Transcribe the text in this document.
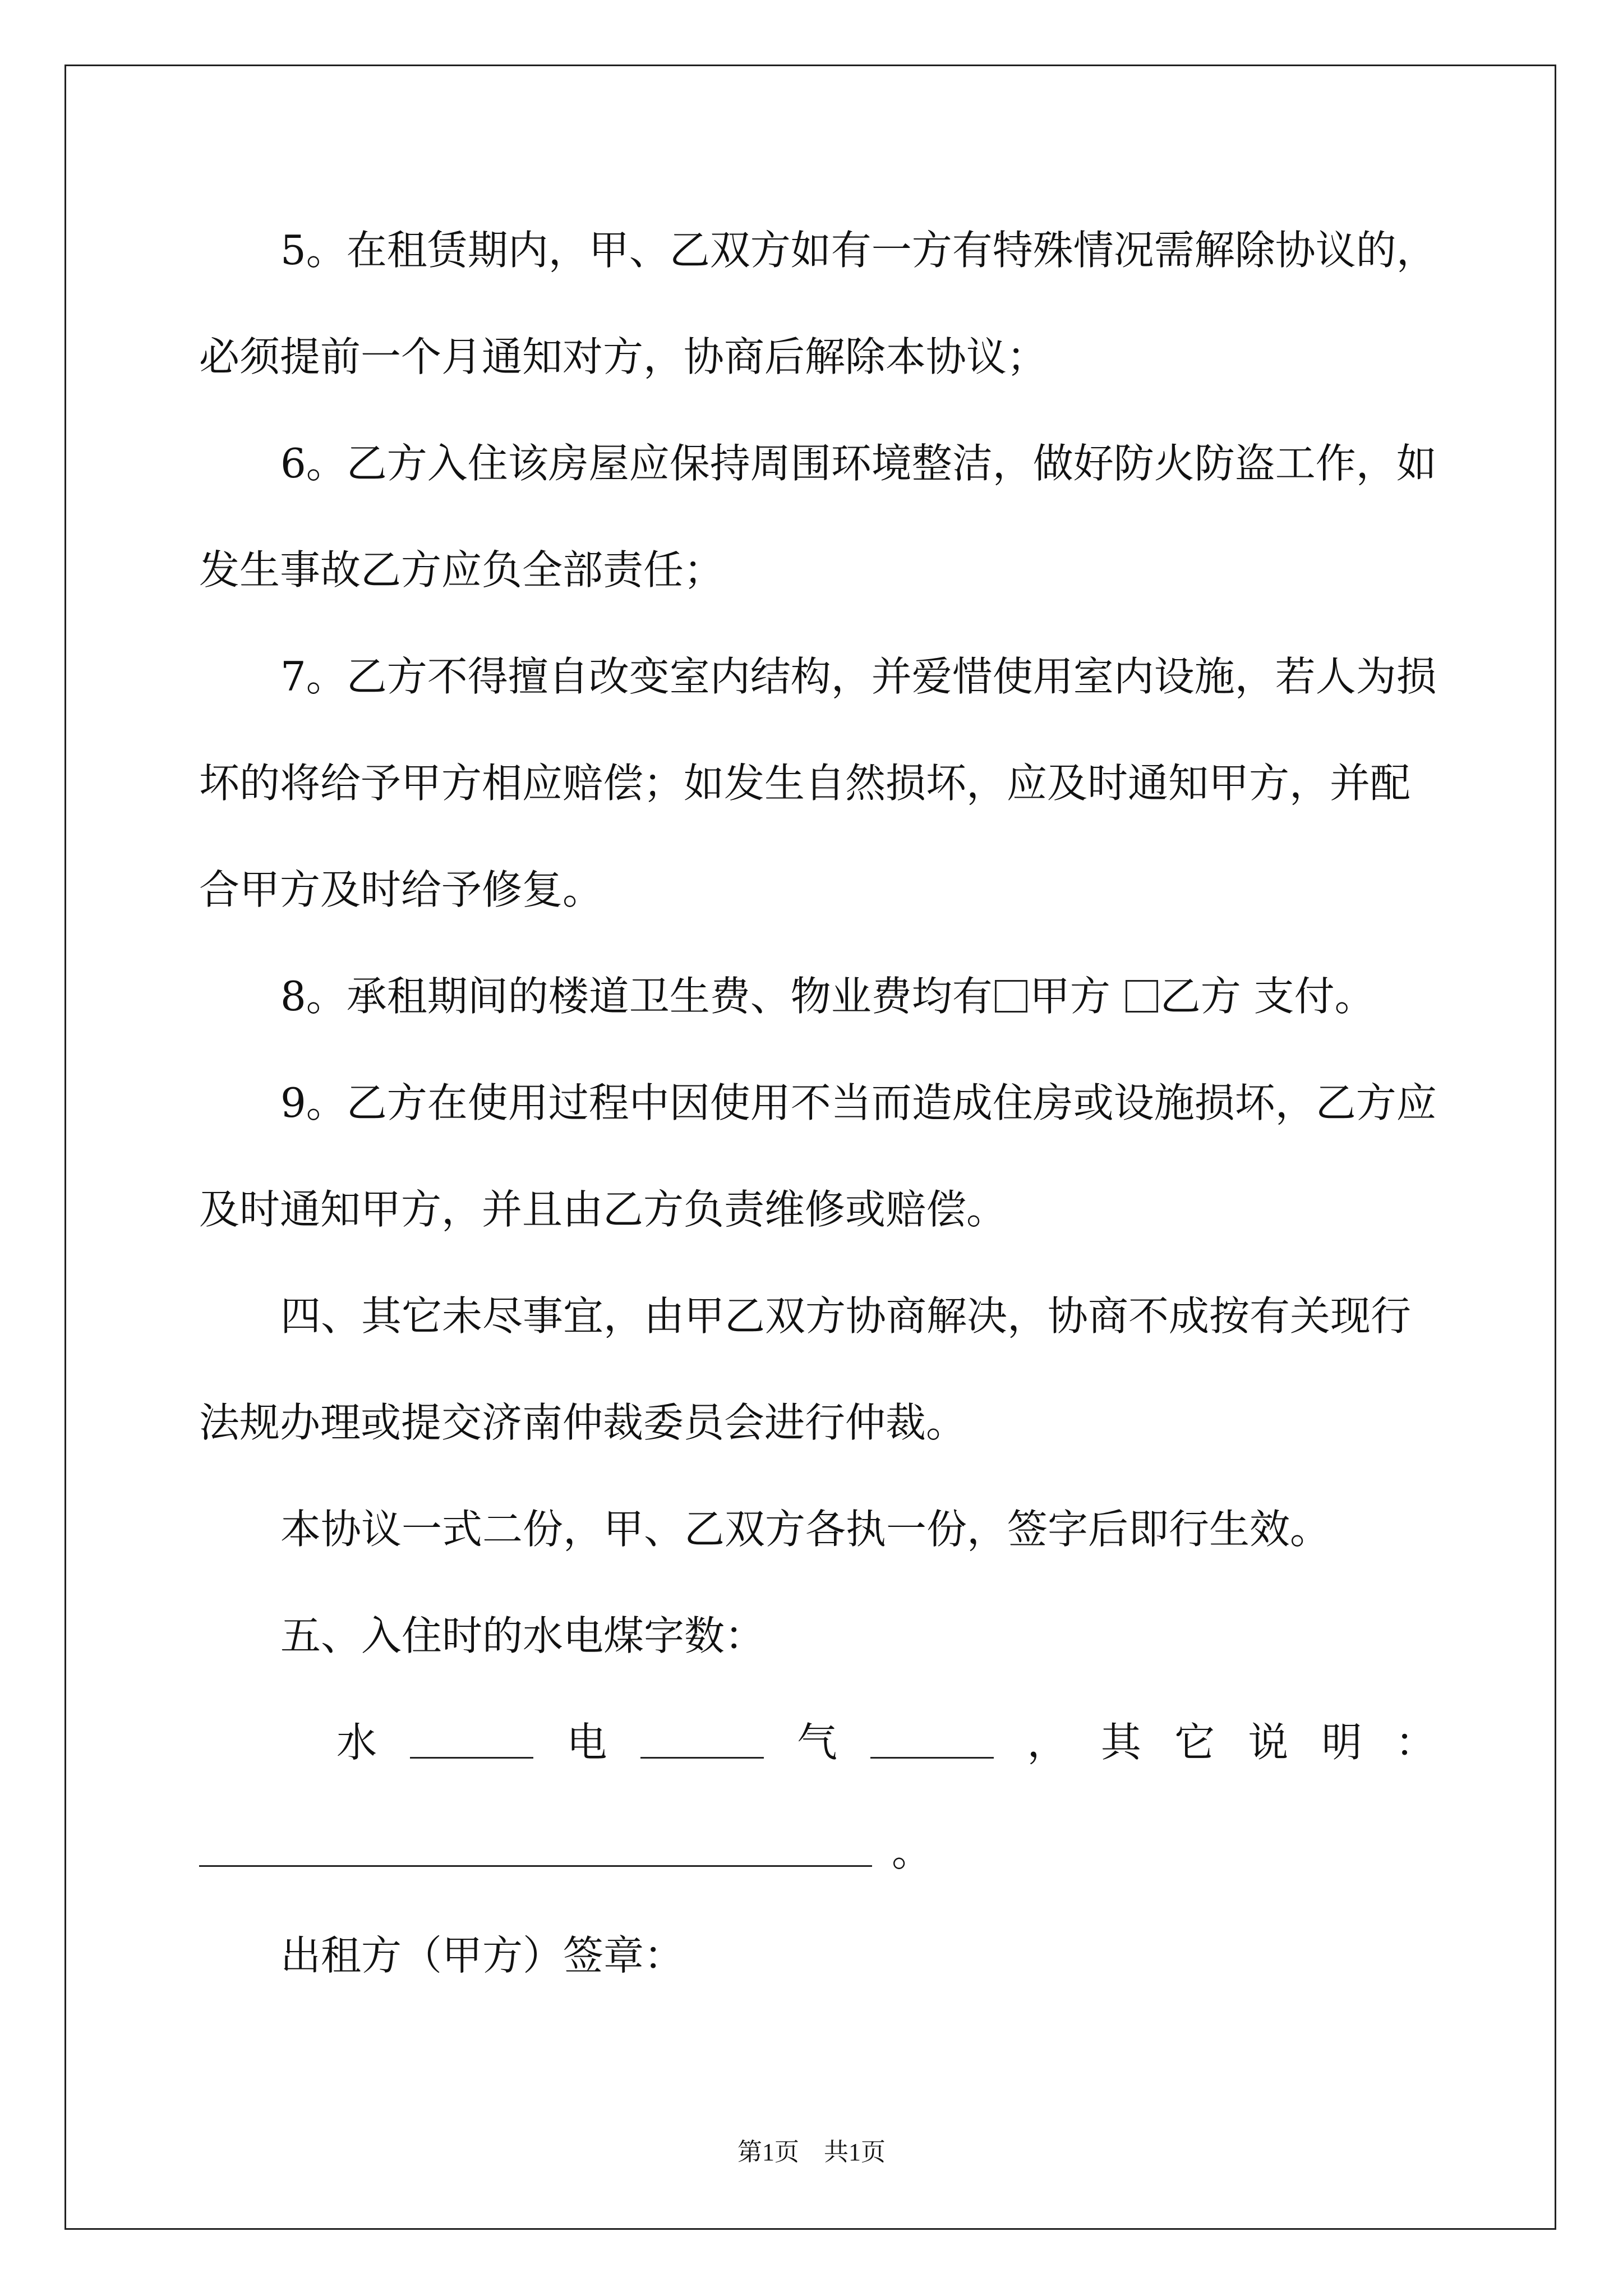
5。在租赁期内，甲、乙双方如有一方有特殊情况需解除协议的，
必须提前一个月通知对方，协商后解除本协议；
6。乙方入住该房屋应保持周围环境整洁，做好防火防盗工作，如
发生事故乙方应负全部责任；
7。乙方不得擅自改变室内结构，并爱惜使用室内设施，若人为损
坏的将给予甲方相应赔偿；如发生自然损坏，应及时通知甲方，并配
合甲方及时给予修复。
8。承租期间的楼道卫生费、物业费均有 甲方 乙方 支付。
9。乙方在使用过程中因使用不当而造成住房或设施损坏，乙方应
及时通知甲方，并且由乙方负责维修或赔偿。
四、其它未尽事宜，由甲乙双方协商解决，协商不成按有关现行
法规办理或提交济南仲裁委员会进行仲裁。
本协议一式二份，甲、乙双方各执一份，签字后即行生效。
五、入住时的水电煤字数：
水	电	气	， 其 它 说 明 ：
。
出租方（甲方）签章：
第1页　共1页
